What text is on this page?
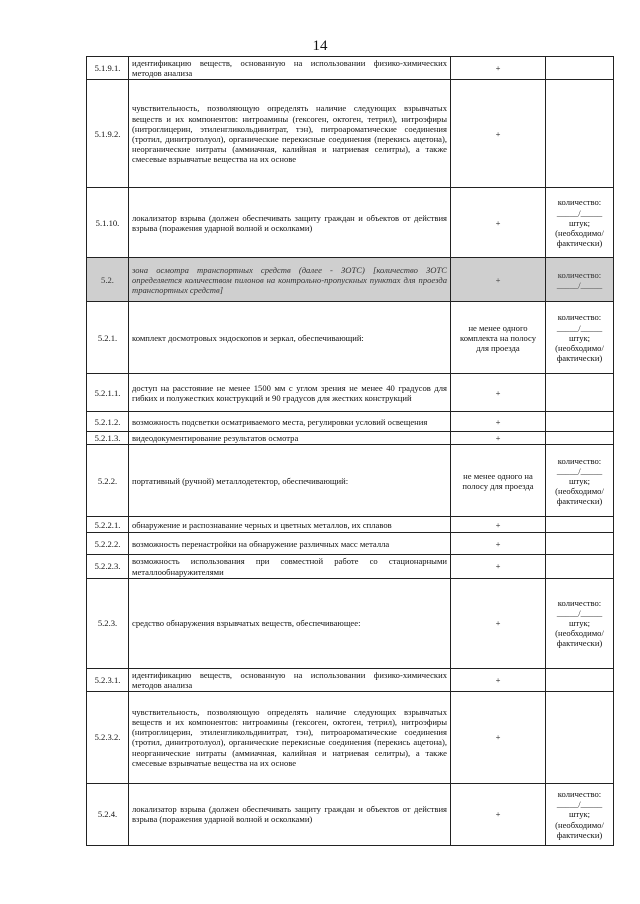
14
5.1.9.1.	идентификацию веществ, основанную на использовании физико-химических методов анализа	+	
5.1.9.2.	чувствительность, позволяющую определять наличие следующих взрывчатых веществ и их компонентов: нитроамины (гексоген, октоген, тетрил), нитроэфиры (нитроглицерин, этиленгликольдинитрат, тэн), питроароматические соединения (тротил, динитротолуол), органические перекисные соединения (перекись ацетона), неорганические нитраты (аммиачная, калийная и натриевая селитры), а также смесевые взрывчатые вещества на их основе	+	
5.1.10.	локализатор взрыва (должен обеспечивать защиту граждан и объектов от действия взрыва (поражения ударной волной и осколками)	+	количество:
_____/_____
штук;
(необходимо/
фактически)

5.2.	зона осмотра транспортных средств (далее - ЗОТС) [количество ЗОТС определяется количеством пилонов на контрольно-пропускных пунктах для проезда транспортных средств]	+	количество:
_____/_____

5.2.1.	комплект досмотровых эндоскопов и зеркал, обеспечивающий:	не менее одного комплекта на полосу для проезда	количество:
_____/_____
штук;
(необходимо/
фактически)

5.2.1.1.	доступ на расстояние не менее 1500 мм с углом зрения не менее 40 градусов для гибких и полужестких конструкций и 90 градусов для жестких конструкций	+	
5.2.1.2.	возможность подсветки осматриваемого места, регулировки условий освещения	+	
5.2.1.3.	видеодокументирование результатов осмотра	+	
5.2.2.	портативный (ручной) металлодетектор, обеспечивающий:	не менее одного на полосу для проезда	количество:
_____/_____
штук;
(необходимо/
фактически)

5.2.2.1.	обнаружение и распознавание черных и цветных металлов, их сплавов	+	
5.2.2.2.	возможность перенастройки на обнаружение различных масс металла	+	
5.2.2.3.	возможность использования при совместной работе со стационарными металлообнаружителями	+	
5.2.3.	средство обнаружения взрывчатых веществ, обеспечивающее:	+	количество:
_____/_____
штук;
(необходимо/
фактически)

5.2.3.1.	идентификацию веществ, основанную на использовании физико-химических методов анализа	+	
5.2.3.2.	чувствительность, позволяющую определять наличие следующих взрывчатых веществ и их компонентов: нитроамины (гексоген, октоген, тетрил), нитроэфиры (нитроглицерин, этиленгликольдинитрат, тэн), питроароматические соединения (тротил, динитротолуол), органические перекисные соединения (перекись ацетона), неорганические нитраты (аммиачная, калийная и натриевая селитры), а также смесевые взрывчатые вещества на их основе	+	
5.2.4.	локализатор взрыва (должен обеспечивать защиту граждан и объектов от действия взрыва (поражения ударной волной и осколками)	+	количество:
_____/_____
штук;
(необходимо/
фактически)
